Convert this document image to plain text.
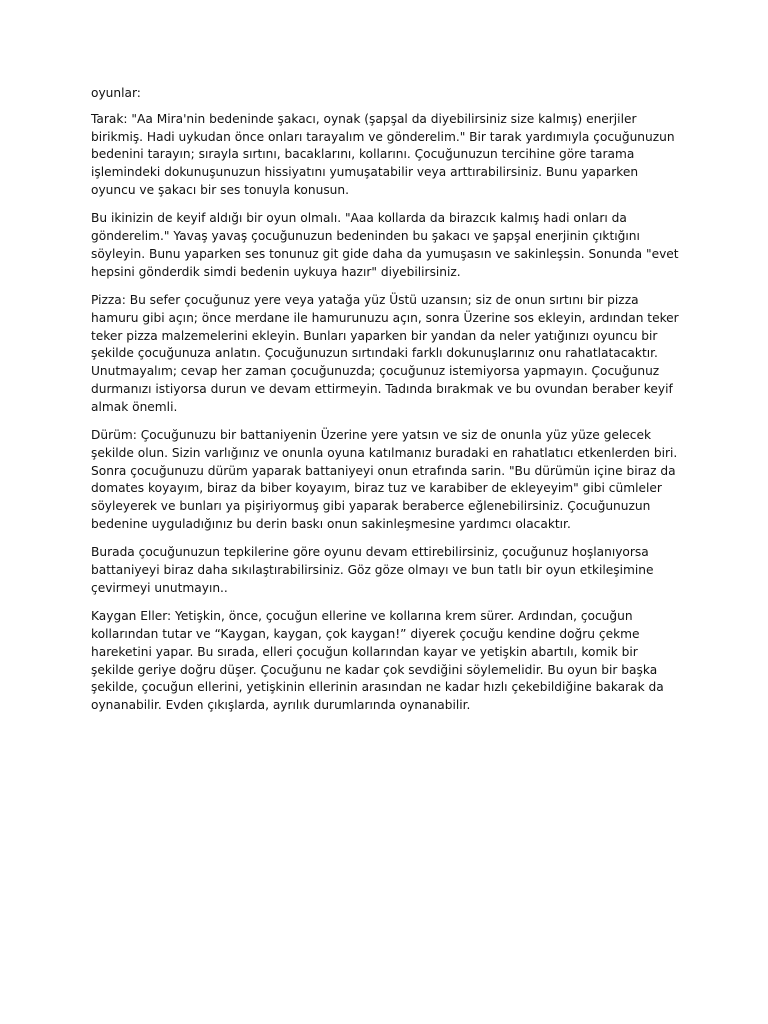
oyunlar:

Tarak: "Aa Mira'nin bedeninde şakacı, oynak (şapşal da diyebilirsiniz size kalmış) enerjiler birikmiş. Hadi uykudan önce onları tarayalım ve gönderelim." Bir tarak yardımıyla çocuğunuzun bedenini tarayın; sırayla sırtını, bacaklarını, kollarını. Çocuğunuzun tercihine göre tarama işlemindeki dokunuşunuzun hissiyatını yumuşatabilir veya arttırabilirsiniz. Bunu yaparken oyuncu ve şakacı bir ses tonuyla konusun.

Bu ikinizin de keyif aldığı bir oyun olmalı. "Aaa kollarda da birazcık kalmış hadi onları da gönderelim." Yavaş yavaş çocuğunuzun bedeninden bu şakacı ve şapşal enerjinin çıktığını söyleyin. Bunu yaparken ses tonunuz git gide daha da yumuşasın ve sakinleşsin. Sonunda "evet hepsini gönderdik simdi bedenin uykuya hazır" diyebilirsiniz.

Pizza: Bu sefer çocuğunuz yere veya yatağa yüz Üstü uzansın; siz de onun sırtını bir pizza hamuru gibi açın; önce merdane ile hamurunuzu açın, sonra Üzerine sos ekleyin, ardından teker teker pizza malzemelerini ekleyin. Bunları yaparken bir yandan da neler yatığınızı oyuncu bir şekilde çocuğunuza anlatın. Çocuğunuzun sırtındaki farklı dokunuşlarınız onu rahatlatacaktır. Unutmayalım; cevap her zaman çocuğunuzda; çocuğunuz istemiyorsa yapmayın. Çocuğunuz durmanızı istiyorsa durun ve devam ettirmeyin. Tadında bırakmak ve bu ovundan beraber keyif almak önemli.

Dürüm: Çocuğunuzu bir battaniyenin Üzerine yere yatsın ve siz de onunla yüz yüze gelecek şekilde olun. Sizin varlığınız ve onunla oyuna katılmanız buradaki en rahatlatıcı etkenlerden biri. Sonra çocuğunuzu dürüm yaparak battaniyeyi onun etrafında sarin. "Bu dürümün içine biraz da domates koyayım, biraz da biber koyayım, biraz tuz ve karabiber de ekleyeyim" gibi cümleler söyleyerek ve bunları ya pişiriyormuş gibi yaparak beraberce eğlenebilirsiniz. Çocuğunuzun bedenine uyguladığınız bu derin baskı onun sakinleşmesine yardımcı olacaktır.

Burada çocuğunuzun tepkilerine göre oyunu devam ettirebilirsiniz, çocuğunuz hoşlanıyorsa battaniyeyi biraz daha sıkılaştırabilirsiniz. Göz göze olmayı ve bun tatlı bir oyun etkileşimine çevirmeyi unutmayın..

Kaygan Eller: Yetişkin, önce, çocuğun ellerine ve kollarına krem sürer. Ardından, çocuğun kollarından tutar ve “Kaygan, kaygan, çok kaygan!” diyerek çocuğu kendine doğru çekme hareketini yapar. Bu sırada, elleri çocuğun kollarından kayar ve yetişkin abartılı, komik bir şekilde geriye doğru düşer. Çocuğunu ne kadar çok sevdiğini söylemelidir. Bu oyun bir başka şekilde, çocuğun ellerini, yetişkinin ellerinin arasından ne kadar hızlı çekebildiğine bakarak da oynanabilir. Evden çıkışlarda, ayrılık durumlarında oynanabilir.
